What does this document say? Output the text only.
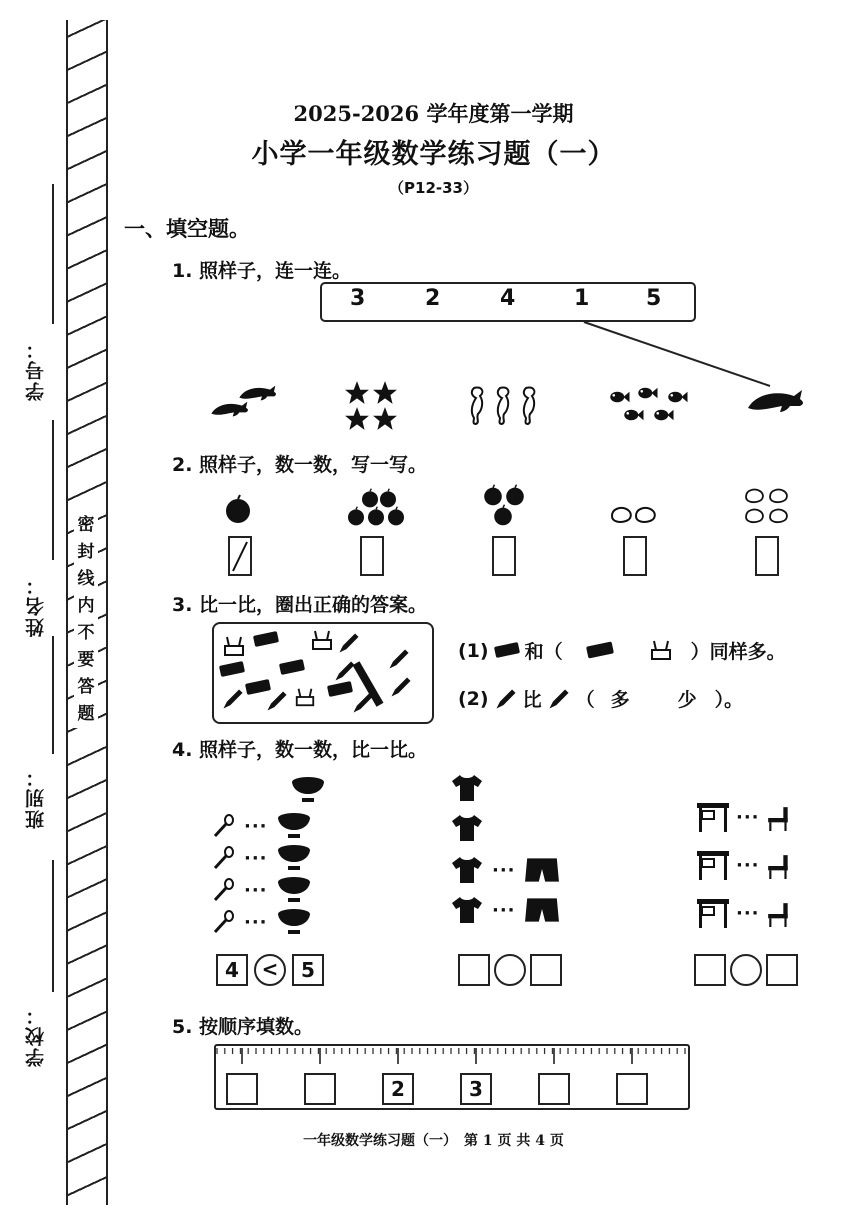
密
封
线
内
不
要
答
题
学号：
姓名：
班别：
学校：
2025-2026 学年度第一学期
小学一年级数学练习题（一）
（P12-33）
一、填空题。
1. 照样子，连一连。
3	2	4	1	5
2. 照样子，数一数，写一写。
3. 比一比，圈出正确的答案。
(1) 和（	）同样多。
(2) 比 （ 多	少 ）。
4. 照样子，数一数，比一比。
···
···
···
···
4	<	5
···
···
···
···
···
5. 按顺序填数。
2	3
一年级数学练习题（一）　第 1 页 共 4 页
